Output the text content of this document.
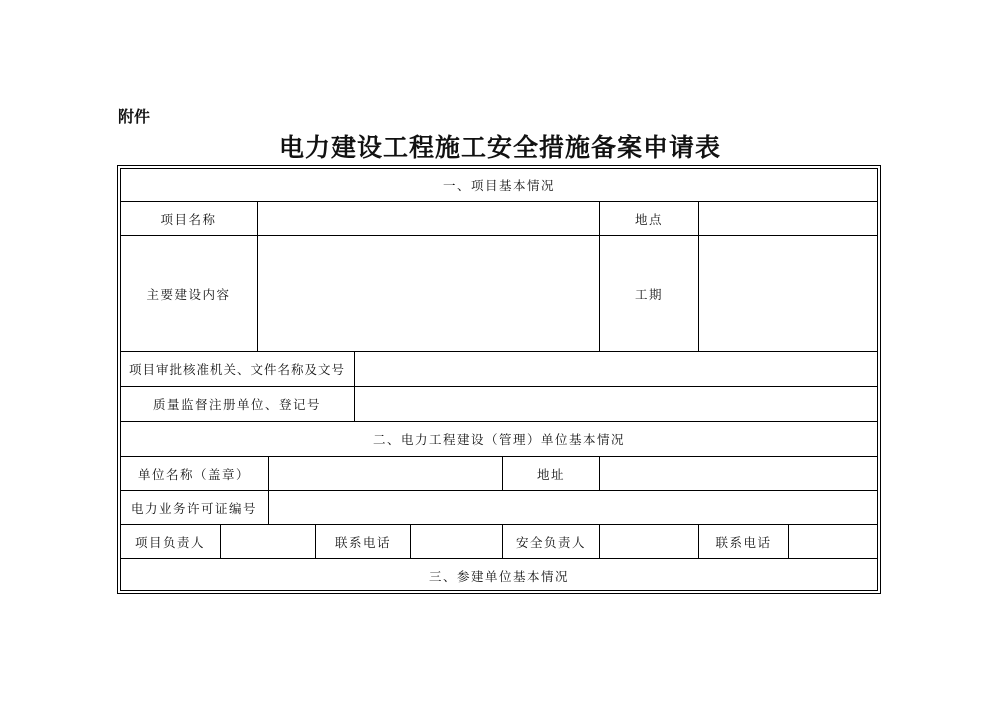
附件
电力建设工程施工安全措施备案申请表
一、项目基本情况
项目名称	地点
主要建设内容	工期
项目审批核准机关、文件名称及文号
质量监督注册单位、登记号
二、电力工程建设（管理）单位基本情况
单位名称（盖章）	地址
电力业务许可证编号
项目负责人	联系电话	安全负责人	联系电话
三、参建单位基本情况
